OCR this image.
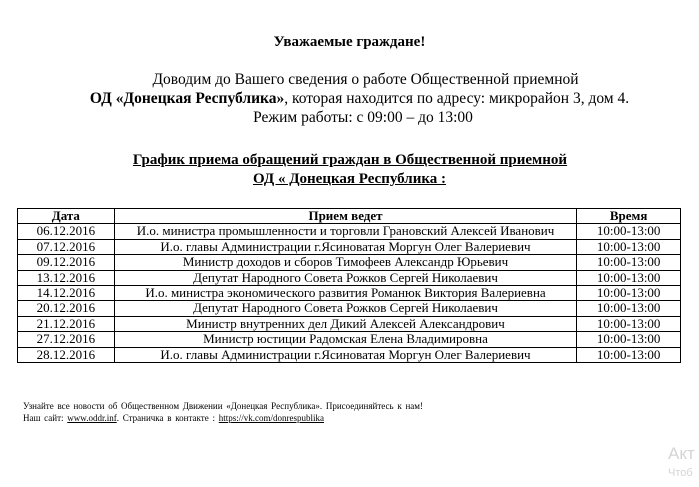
Уважаемые граждане!
Доводим до Вашего сведения о работе Общественной приемной
ОД «Донецкая Республика», которая находится по адресу: микрорайон 3, дом 4.
Режим работы: с 09:00 – до 13:00
График приема обращений граждан в Общественной приемной
ОД « Донецкая Республика :
Дата	Прием ведет	Время
06.12.2016	И.о. министра промышленности и торговли Грановский Алексей Иванович	10:00-13:00
07.12.2016	И.о. главы Администрации г.Ясиноватая Моргун Олег Валериевич	10:00-13:00
09.12.2016	Министр доходов и сборов Тимофеев Александр Юрьевич	10:00-13:00
13.12.2016	Депутат Народного Совета Рожков Сергей Николаевич	10:00-13:00
14.12.2016	И.о. министра экономического развития Романюк Виктория Валериевна	10:00-13:00
20.12.2016	Депутат Народного Совета Рожков Сергей Николаевич	10:00-13:00
21.12.2016	Министр внутренних дел Дикий Алексей Александрович	10:00-13:00
27.12.2016	Министр юстиции Радомская Елена Владимировна	10:00-13:00
28.12.2016	И.о. главы Администрации г.Ясиноватая Моргун Олег Валериевич	10:00-13:00
Узнайте все новости об Общественном Движении «Донецкая Республика». Присоединяйтесь к нам!
Наш сайт: www.oddr.inf. Страничка в контакте : https://vk.com/donrespublika
Акт
Чтоб
